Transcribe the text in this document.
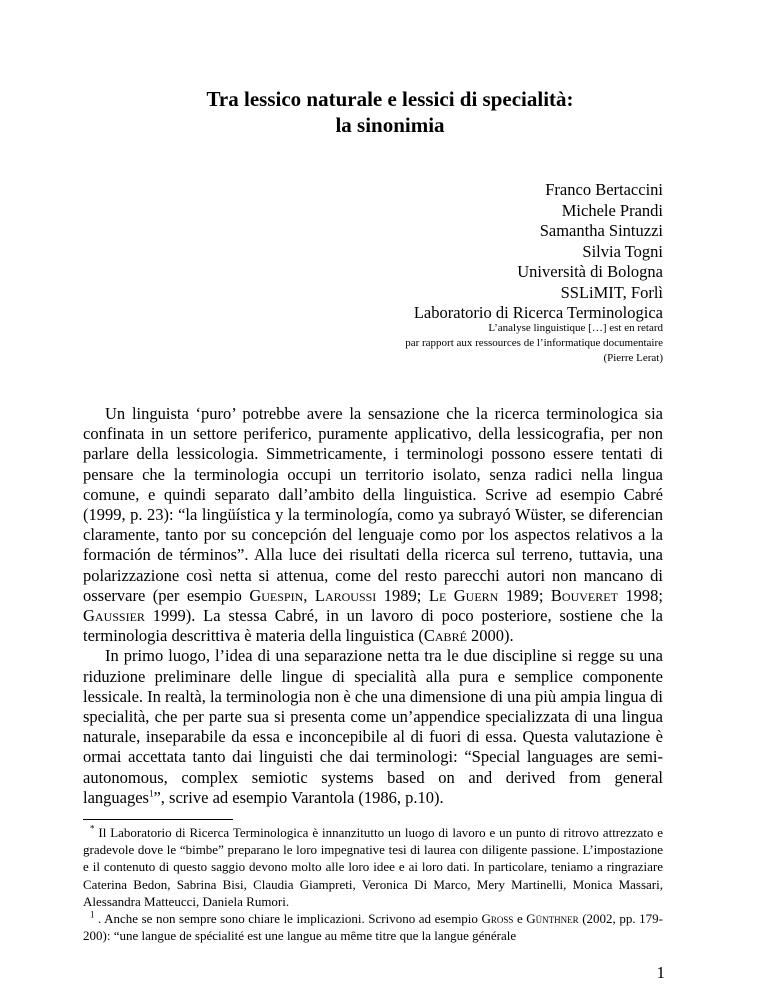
Tra lessico naturale e lessici di specialità:
la sinonimia
Franco Bertaccini
Michele Prandi
Samantha Sintuzzi
Silvia Togni
Università di Bologna
SSLiMIT, Forlì
Laboratorio di Ricerca Terminologica
L’analyse linguistique […] est en retard
par rapport aux ressources de l’informatique documentaire
(Pierre Lerat)

Un linguista ‘puro’ potrebbe avere la sensazione che la ricerca terminologica sia confinata in un settore periferico, puramente applicativo, della lessicografia, per non parlare della lessicologia. Simmetricamente, i terminologi possono essere tentati di pensare che la terminologia occupi un territorio isolato, senza radici nella lingua comune, e quindi separato dall’ambito della linguistica. Scrive ad esempio Cabré (1999, p. 23): “la lingüística y la terminología, como ya subrayó Wüster, se diferencian claramente, tanto por su concepción del lenguaje como por los aspectos relativos a la formación de términos”. Alla luce dei risultati della ricerca sul terreno, tuttavia, una polarizzazione così netta si attenua, come del resto parecchi autori non mancano di osservare (per esempio Guespin, Laroussi 1989; Le Guern 1989; Bouveret 1998; Gaussier 1999). La stessa Cabré, in un lavoro di poco posteriore, sostiene che la terminologia descrittiva è materia della linguistica (Cabré 2000).

In primo luogo, l’idea di una separazione netta tra le due discipline si regge su una riduzione preliminare delle lingue di specialità alla pura e semplice componente lessicale. In realtà, la terminologia non è che una dimensione di una più ampia lingua di specialità, che per parte sua si presenta come un’appendice specializzata di una lingua naturale, inseparabile da essa e inconcepibile al di fuori di essa. Questa valutazione è ormai accettata tanto dai linguisti che dai terminologi: “Special languages are semi-autonomous, complex semiotic systems based on and derived from general languages$^1$”, scrive ad esempio Varantola (1986, p.10).

* Il Laboratorio di Ricerca Terminologica è innanzitutto un luogo di lavoro e un punto di ritrovo attrezzato e gradevole dove le “bimbe” preparano le loro impegnative tesi di laurea con diligente passione. L’impostazione e il contenuto di questo saggio devono molto alle loro idee e ai loro dati. In particolare, teniamo a ringraziare Caterina Bedon, Sabrina Bisi, Claudia Giampreti, Veronica Di Marco, Mery Martinelli, Monica Massari, Alessandra Matteucci, Daniela Rumori.

$^1$ . Anche se non sempre sono chiare le implicazioni. Scrivono ad esempio Gross e Günthner (2002, pp. 179-200): “une langue de spécialité est une langue au même titre que la langue générale

1
